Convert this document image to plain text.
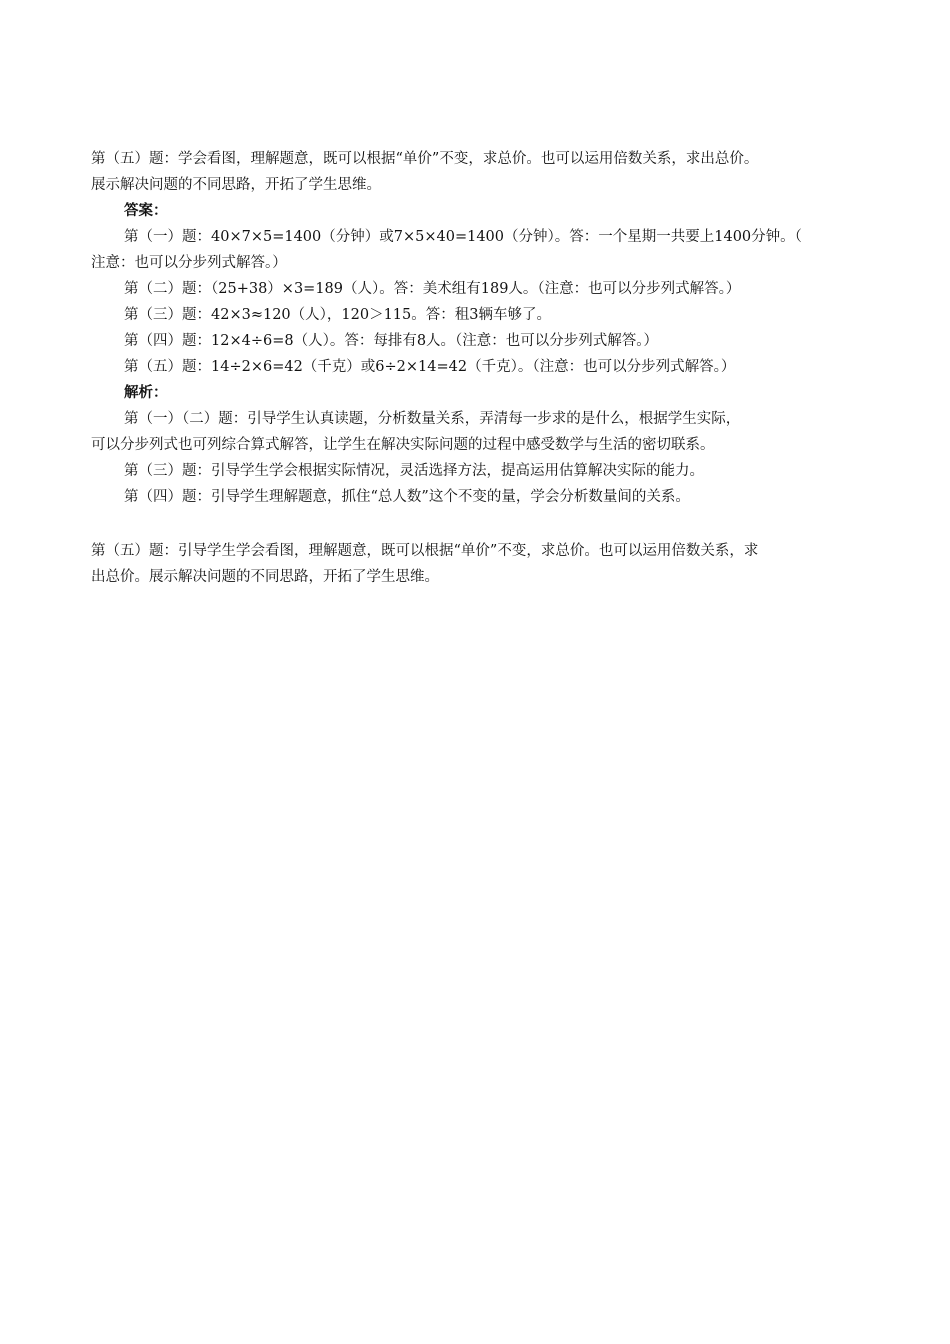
第（五）题：学会看图，理解题意，既可以根据“单价”不变，求总价。也可以运用倍数关系，求出总价。
展示解决问题的不同思路，开拓了学生思维。
答案：
第（一）题：40×7×5=1400（分钟）或7×5×40=1400（分钟）。答：一个星期一共要上1400分钟。（
注意：也可以分步列式解答。）
第（二）题：（25+38）×3=189（人）。答：美术组有189人。（注意：也可以分步列式解答。）
第（三）题：42×3≈120（人），120＞115。答：租3辆车够了。
第（四）题：12×4÷6=8（人）。答：每排有8人。（注意：也可以分步列式解答。）
第（五）题：14÷2×6=42（千克）或6÷2×14=42（千克）。（注意：也可以分步列式解答。）
解析：
第（一）（二）题：引导学生认真读题，分析数量关系，弄清每一步求的是什么，根据学生实际，
可以分步列式也可列综合算式解答，让学生在解决实际问题的过程中感受数学与生活的密切联系。
第（三）题：引导学生学会根据实际情况，灵活选择方法，提高运用估算解决实际的能力。
第（四）题：引导学生理解题意，抓住“总人数”这个不变的量，学会分析数量间的关系。
第（五）题：引导学生学会看图，理解题意，既可以根据“单价”不变，求总价。也可以运用倍数关系，求
出总价。展示解决问题的不同思路，开拓了学生思维。
